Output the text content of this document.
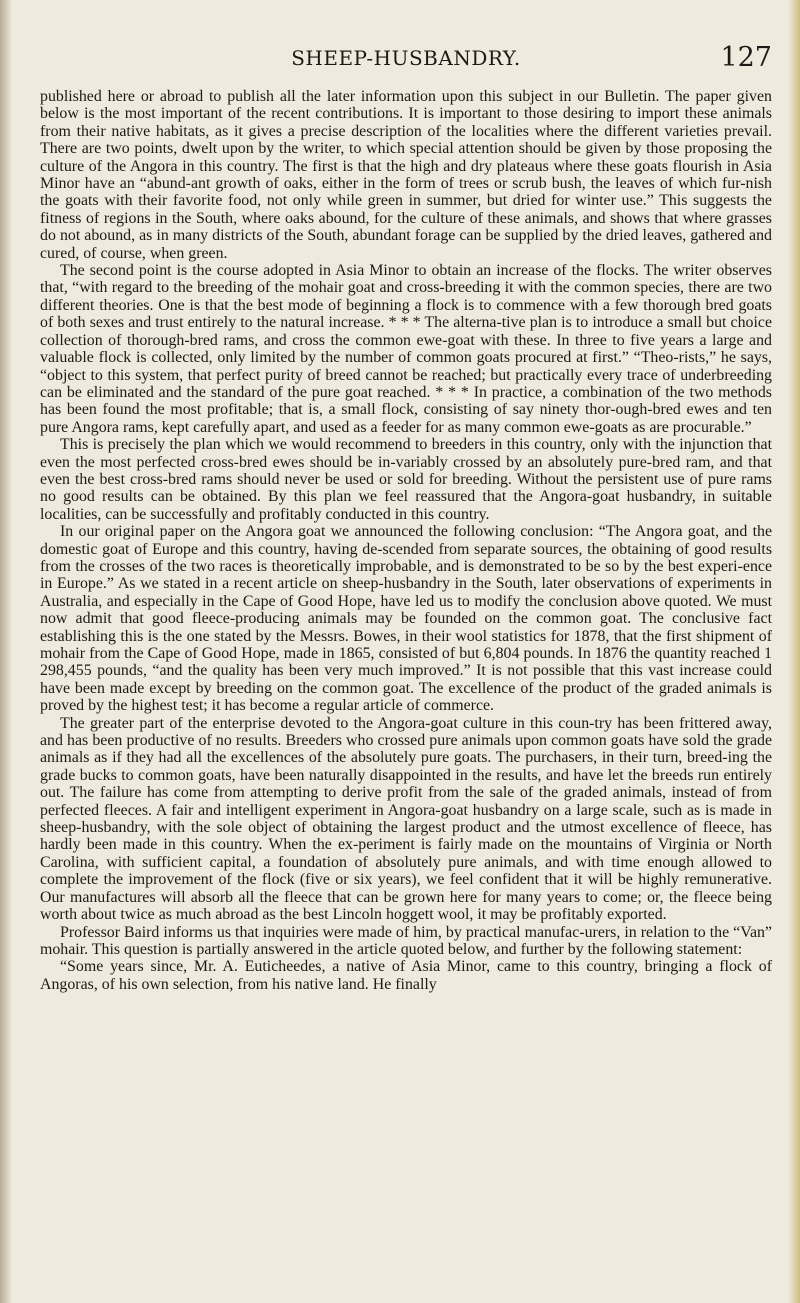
SHEEP-HUSBANDRY.	127

published here or abroad to publish all the later information upon this subject in our Bulletin. The paper given below is the most important of the recent contributions. It is important to those desiring to import these animals from their native habitats, as it gives a precise description of the localities where the different varieties prevail. There are two points, dwelt upon by the writer, to which special attention should be given by those proposing the culture of the Angora in this country. The first is that the high and dry plateaus where these goats flourish in Asia Minor have an “abund-ant growth of oaks, either in the form of trees or scrub bush, the leaves of which fur-nish the goats with their favorite food, not only while green in summer, but dried for winter use.” This suggests the fitness of regions in the South, where oaks abound, for the culture of these animals, and shows that where grasses do not abound, as in many districts of the South, abundant forage can be supplied by the dried leaves, gathered and cured, of course, when green.

The second point is the course adopted in Asia Minor to obtain an increase of the flocks. The writer observes that, “with regard to the breeding of the mohair goat and cross-breeding it with the common species, there are two different theories. One is that the best mode of beginning a flock is to commence with a few thorough bred goats of both sexes and trust entirely to the natural increase. * * * The alterna-tive plan is to introduce a small but choice collection of thorough-bred rams, and cross the common ewe-goat with these. In three to five years a large and valuable flock is collected, only limited by the number of common goats procured at first.” “Theo-rists,” he says, “object to this system, that perfect purity of breed cannot be reached; but practically every trace of underbreeding can be eliminated and the standard of the pure goat reached. * * * In practice, a combination of the two methods has been found the most profitable; that is, a small flock, consisting of say ninety thor-ough-bred ewes and ten pure Angora rams, kept carefully apart, and used as a feeder for as many common ewe-goats as are procurable.”

This is precisely the plan which we would recommend to breeders in this country, only with the injunction that even the most perfected cross-bred ewes should be in-variably crossed by an absolutely pure-bred ram, and that even the best cross-bred rams should never be used or sold for breeding. Without the persistent use of pure rams no good results can be obtained. By this plan we feel reassured that the Angora-goat husbandry, in suitable localities, can be successfully and profitably conducted in this country.

In our original paper on the Angora goat we announced the following conclusion: “The Angora goat, and the domestic goat of Europe and this country, having de-scended from separate sources, the obtaining of good results from the crosses of the two races is theoretically improbable, and is demonstrated to be so by the best experi-ence in Europe.” As we stated in a recent article on sheep-husbandry in the South, later observations of experiments in Australia, and especially in the Cape of Good Hope, have led us to modify the conclusion above quoted. We must now admit that good fleece-producing animals may be founded on the common goat. The conclusive fact establishing this is the one stated by the Messrs. Bowes, in their wool statistics for 1878, that the first shipment of mohair from the Cape of Good Hope, made in 1865, consisted of but 6,804 pounds. In 1876 the quantity reached 1 298,455 pounds, “and the quality has been very much improved.” It is not possible that this vast increase could have been made except by breeding on the common goat. The excellence of the product of the graded animals is proved by the highest test; it has become a regular article of commerce.

The greater part of the enterprise devoted to the Angora-goat culture in this coun-try has been frittered away, and has been productive of no results. Breeders who crossed pure animals upon common goats have sold the grade animals as if they had all the excellences of the absolutely pure goats. The purchasers, in their turn, breed-ing the grade bucks to common goats, have been naturally disappointed in the results, and have let the breeds run entirely out. The failure has come from attempting to derive profit from the sale of the graded animals, instead of from perfected fleeces. A fair and intelligent experiment in Angora-goat husbandry on a large scale, such as is made in sheep-husbandry, with the sole object of obtaining the largest product and the utmost excellence of fleece, has hardly been made in this country. When the ex-periment is fairly made on the mountains of Virginia or North Carolina, with sufficient capital, a foundation of absolutely pure animals, and with time enough allowed to complete the improvement of the flock (five or six years), we feel confident that it will be highly remunerative. Our manufactures will absorb all the fleece that can be grown here for many years to come; or, the fleece being worth about twice as much abroad as the best Lincoln hoggett wool, it may be profitably exported.

Professor Baird informs us that inquiries were made of him, by practical manufac-urers, in relation to the “Van” mohair. This question is partially answered in the article quoted below, and further by the following statement:

“Some years since, Mr. A. Euticheedes, a native of Asia Minor, came to this country, bringing a flock of Angoras, of his own selection, from his native land. He finally
